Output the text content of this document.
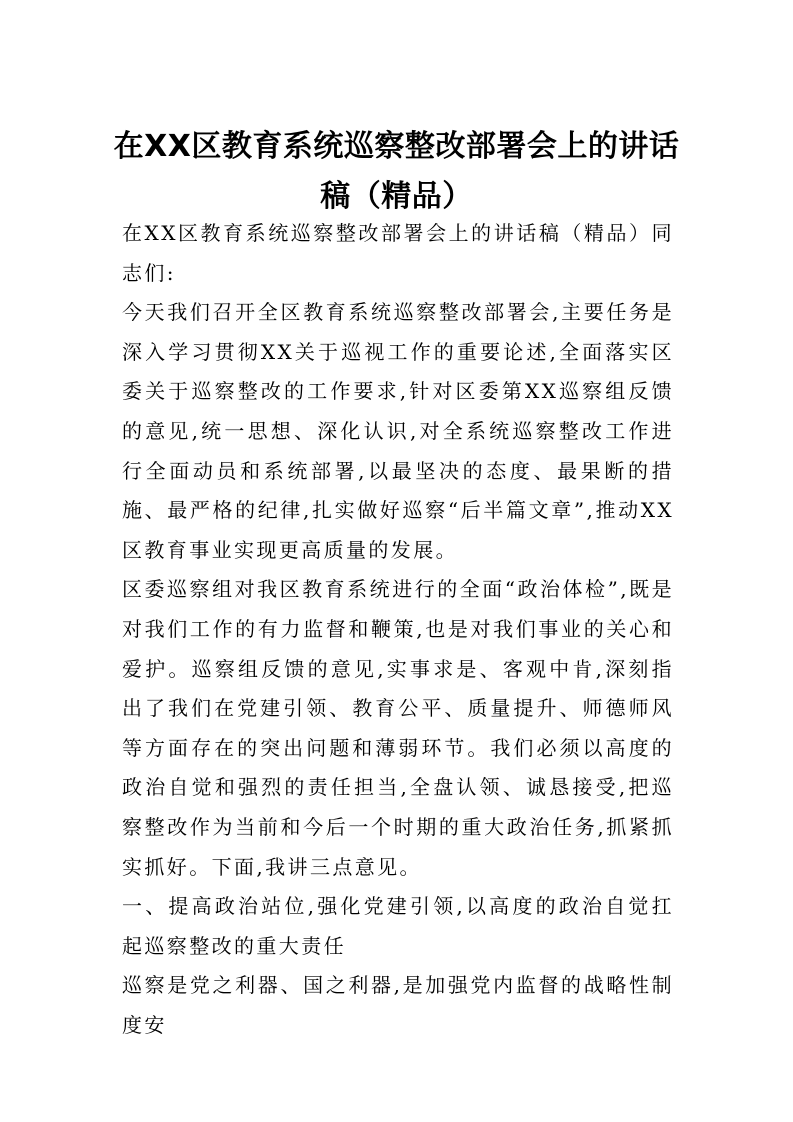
在XX区教育系统巡察整改部署会上的讲话稿（精品）

在XX区教育系统巡察整改部署会上的讲话稿（精品）同志们:

今天我们召开全区教育系统巡察整改部署会,主要任务是深入学习贯彻XX关于巡视工作的重要论述,全面落实区委关于巡察整改的工作要求,针对区委第XX巡察组反馈的意见,统一思想、深化认识,对全系统巡察整改工作进行全面动员和系统部署,以最坚决的态度、最果断的措施、最严格的纪律,扎实做好巡察“后半篇文章”,推动XX区教育事业实现更高质量的发展。

区委巡察组对我区教育系统进行的全面“政治体检”,既是对我们工作的有力监督和鞭策,也是对我们事业的关心和爱护。巡察组反馈的意见,实事求是、客观中肯,深刻指出了我们在党建引领、教育公平、质量提升、师德师风等方面存在的突出问题和薄弱环节。我们必须以高度的政治自觉和强烈的责任担当,全盘认领、诚恳接受,把巡察整改作为当前和今后一个时期的重大政治任务,抓紧抓实抓好。下面,我讲三点意见。

一、提高政治站位,强化党建引领,以高度的政治自觉扛起巡察整改的重大责任

巡察是党之利器、国之利器,是加强党内监督的战略性制度安
